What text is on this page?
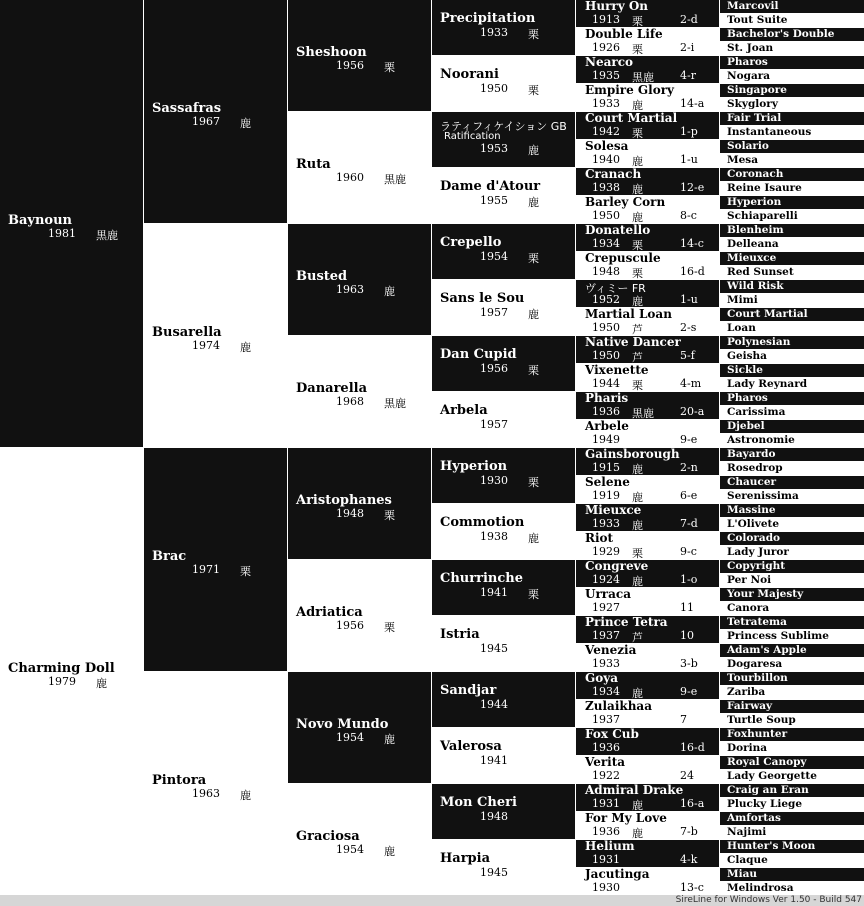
Baynoun
1981 黒鹿
Charming Doll
1979 鹿
Sassafras
1967 鹿
Busarella
1974 鹿
Brac
1971 栗
Pintora
1963 鹿
Sheshoon
1956 栗
Ruta
1960 黒鹿
Busted
1963 鹿
Danarella
1968 黒鹿
Aristophanes
1948 栗
Adriatica
1956 栗
Novo Mundo
1954 鹿
Graciosa
1954 鹿
Precipitation
1933	栗
Noorani
1950	栗
ラティフィケイション GB
Ratification
1953	鹿
Dame d'Atour
1955	鹿
Crepello
1954	栗
Sans le Sou
1957	鹿
Dan Cupid
1956	栗
Arbela
1957
Hyperion
1930	栗
Commotion
1938	鹿
Churrinche
1941	栗
Istria
1945
Sandjar
1944
Valerosa
1941
Mon Cheri
1948
Harpia
1945
Hurry On
1913 栗	2-d
Double Life
1926 栗	2-i
Nearco
1935 黒鹿 4-r
Empire Glory
1933 鹿	14-a
Court Martial
1942 栗	1-p
Solesa
1940 鹿	1-u
Cranach
1938 鹿	12-e
Barley Corn
1950 鹿	8-c
Donatello
1934 栗	14-c
Crepuscule
1948 栗	16-d
ヴィミー FR
1952 鹿	1-u
Martial Loan
1950 芦	2-s
Native Dancer
1950 芦	5-f
Vixenette
1944 栗	4-m
Pharis
1936 黒鹿 20-a
Arbele
1949	9-e
Gainsborough
1915 鹿	2-n
Selene
1919 鹿	6-e
Mieuxce
1933 鹿	7-d
Riot
1929 栗	9-c
Congreve
1924 鹿	1-o
Urraca
1927	11
Prince Tetra
1937 芦	10
Venezia
1933	3-b
Goya
1934 鹿	9-e
Zulaikhaa
1937	7
Fox Cub
1936	16-d
Verita
1922	24
Admiral Drake
1931 鹿	16-a
For My Love
1936 鹿	7-b
Helium
1931	4-k
Jacutinga
1930	13-c
Marcovil
Tout Suite
Bachelor's Double
St. Joan
Pharos
Nogara
Singapore
Skyglory
Fair Trial
Instantaneous
Solario
Mesa
Coronach
Reine Isaure
Hyperion
Schiaparelli
Blenheim
Delleana
Mieuxce
Red Sunset
Wild Risk
Mimi
Court Martial
Loan
Polynesian
Geisha
Sickle
Lady Reynard
Pharos
Carissima
Djebel
Astronomie
Bayardo
Rosedrop
Chaucer
Serenissima
Massine
L'Olivete
Colorado
Lady Juror
Copyright
Per Noi
Your Majesty
Canora
Tetratema
Princess Sublime
Adam's Apple
Dogaresa
Tourbillon
Zariba
Fairway
Turtle Soup
Foxhunter
Dorina
Royal Canopy
Lady Georgette
Craig an Eran
Plucky Liege
Amfortas
Najimi
Hunter's Moon
Claque
Miau
Melindrosa
SireLine for Windows Ver 1.50 - Build 547
